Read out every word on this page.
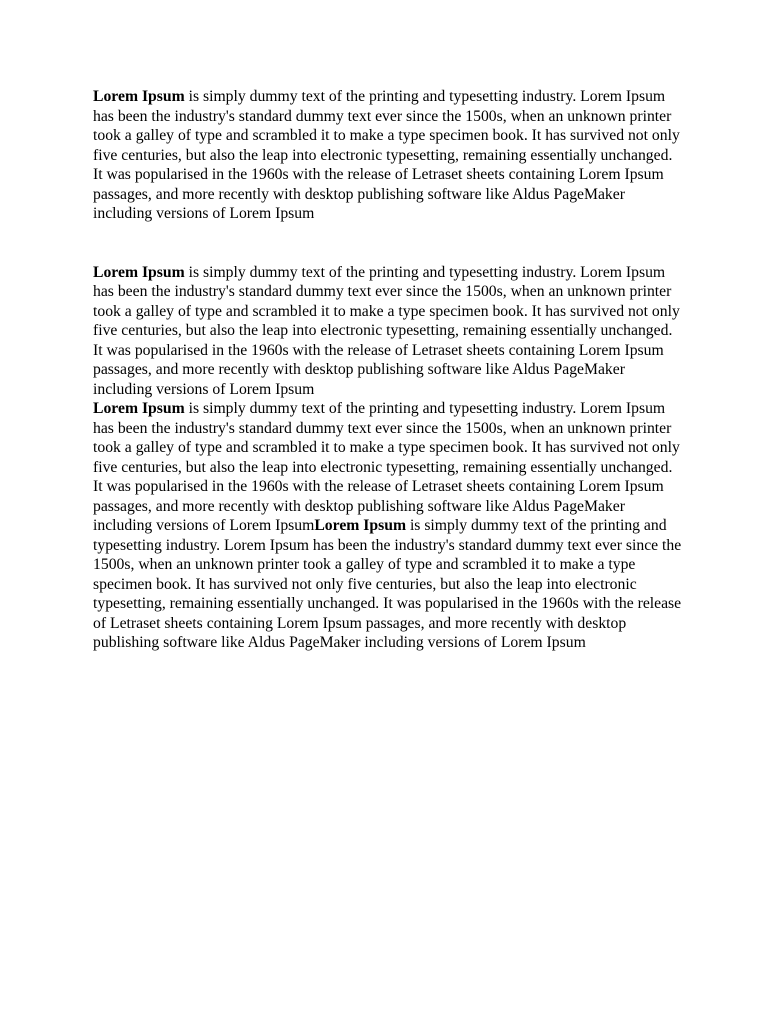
Lorem Ipsum is simply dummy text of the printing and typesetting industry. Lorem Ipsum has been the industry's standard dummy text ever since the 1500s, when an unknown printer took a galley of type and scrambled it to make a type specimen book. It has survived not only five centuries, but also the leap into electronic typesetting, remaining essentially unchanged. It was popularised in the 1960s with the release of Letraset sheets containing Lorem Ipsum passages, and more recently with desktop publishing software like Aldus PageMaker including versions of Lorem Ipsum

Lorem Ipsum is simply dummy text of the printing and typesetting industry. Lorem Ipsum has been the industry's standard dummy text ever since the 1500s, when an unknown printer took a galley of type and scrambled it to make a type specimen book. It has survived not only five centuries, but also the leap into electronic typesetting, remaining essentially unchanged. It was popularised in the 1960s with the release of Letraset sheets containing Lorem Ipsum passages, and more recently with desktop publishing software like Aldus PageMaker including versions of Lorem Ipsum

Lorem Ipsum is simply dummy text of the printing and typesetting industry. Lorem Ipsum has been the industry's standard dummy text ever since the 1500s, when an unknown printer took a galley of type and scrambled it to make a type specimen book. It has survived not only five centuries, but also the leap into electronic typesetting, remaining essentially unchanged. It was popularised in the 1960s with the release of Letraset sheets containing Lorem Ipsum passages, and more recently with desktop publishing software like Aldus PageMaker including versions of Lorem IpsumLorem Ipsum is simply dummy text of the printing and typesetting industry. Lorem Ipsum has been the industry's standard dummy text ever since the 1500s, when an unknown printer took a galley of type and scrambled it to make a type specimen book. It has survived not only five centuries, but also the leap into electronic typesetting, remaining essentially unchanged. It was popularised in the 1960s with the release of Letraset sheets containing Lorem Ipsum passages, and more recently with desktop publishing software like Aldus PageMaker including versions of Lorem Ipsum
